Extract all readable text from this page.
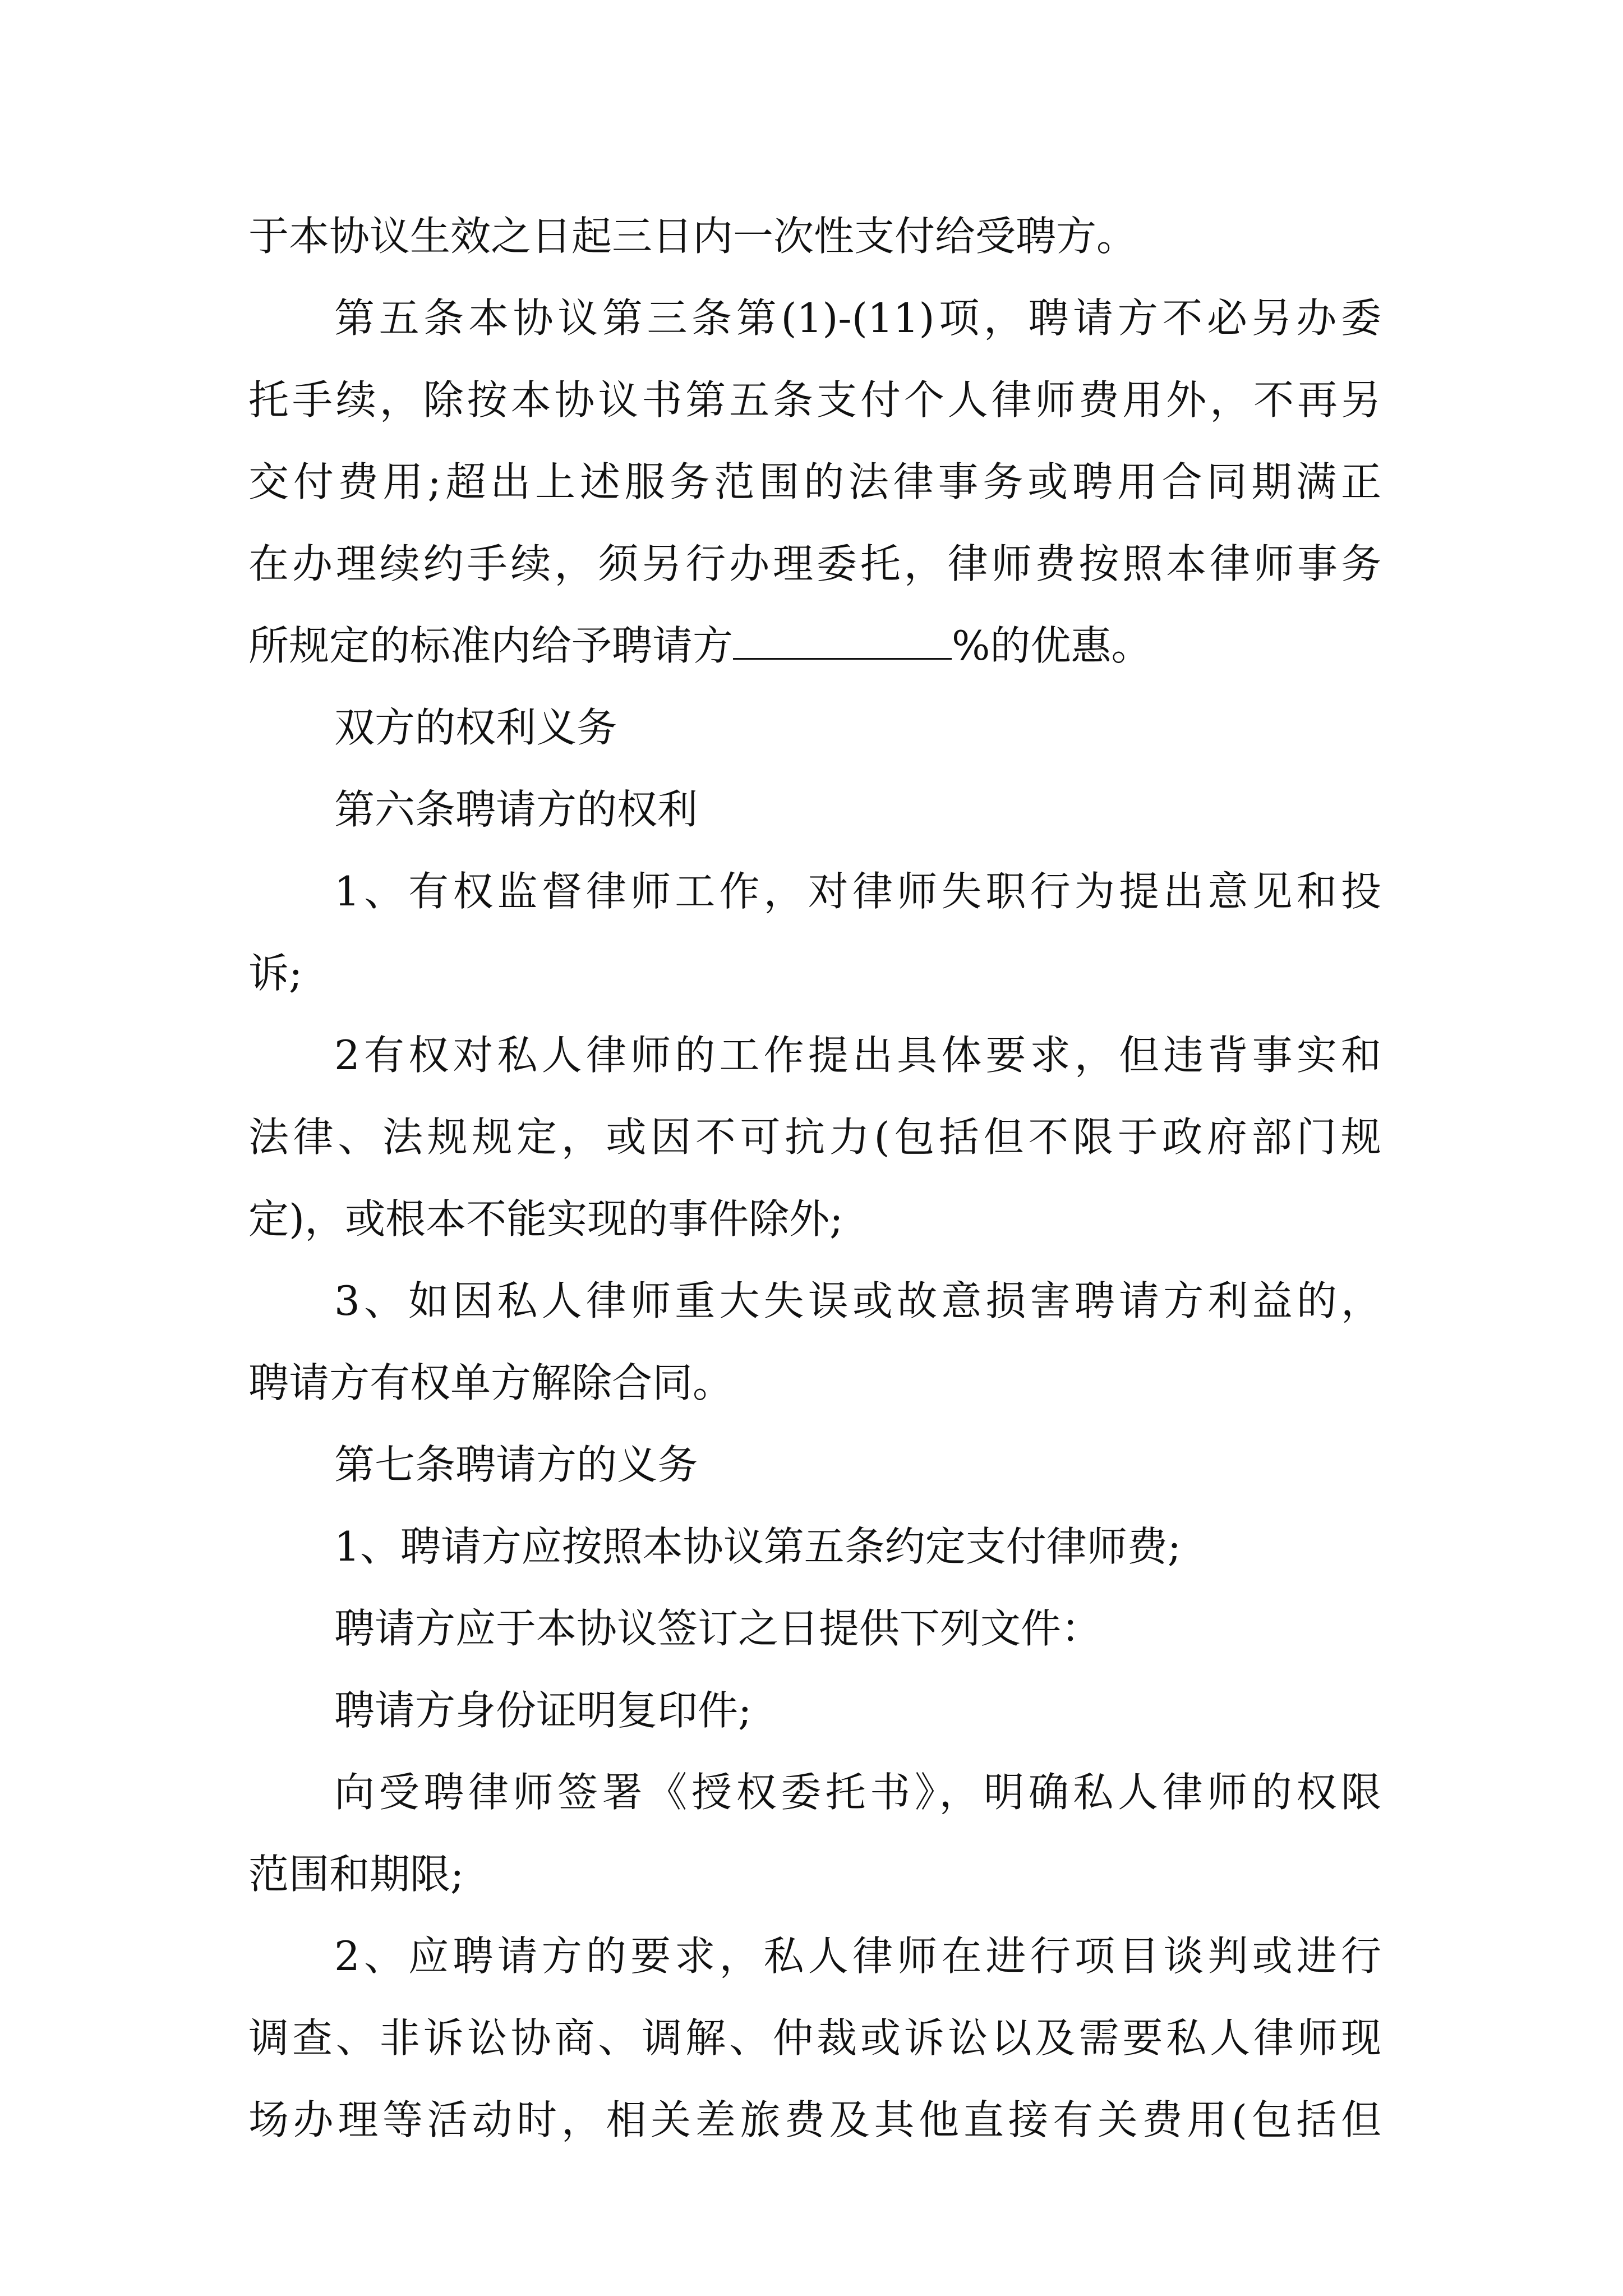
于本协议生效之日起三日内一次性支付给受聘方。
第五条本协议第三条第(1)-(11)项，聘请方不必另办委
托手续，除按本协议书第五条支付个人律师费用外，不再另
交付费用;超出上述服务范围的法律事务或聘用合同期满正
在办理续约手续，须另行办理委托，律师费按照本律师事务
所规定的标准内给予聘请方	%的优惠。
双方的权利义务
第六条聘请方的权利
1、有权监督律师工作，对律师失职行为提出意见和投
诉;
2有权对私人律师的工作提出具体要求，但违背事实和
法律、法规规定，或因不可抗力(包括但不限于政府部门规
定)，或根本不能实现的事件除外;
3、如因私人律师重大失误或故意损害聘请方利益的，
聘请方有权单方解除合同。
第七条聘请方的义务
1、聘请方应按照本协议第五条约定支付律师费;
聘请方应于本协议签订之日提供下列文件：
聘请方身份证明复印件;
向受聘律师签署《授权委托书》，明确私人律师的权限
范围和期限;
2、应聘请方的要求，私人律师在进行项目谈判或进行
调查、非诉讼协商、调解、仲裁或诉讼以及需要私人律师现
场办理等活动时，相关差旅费及其他直接有关费用(包括但
